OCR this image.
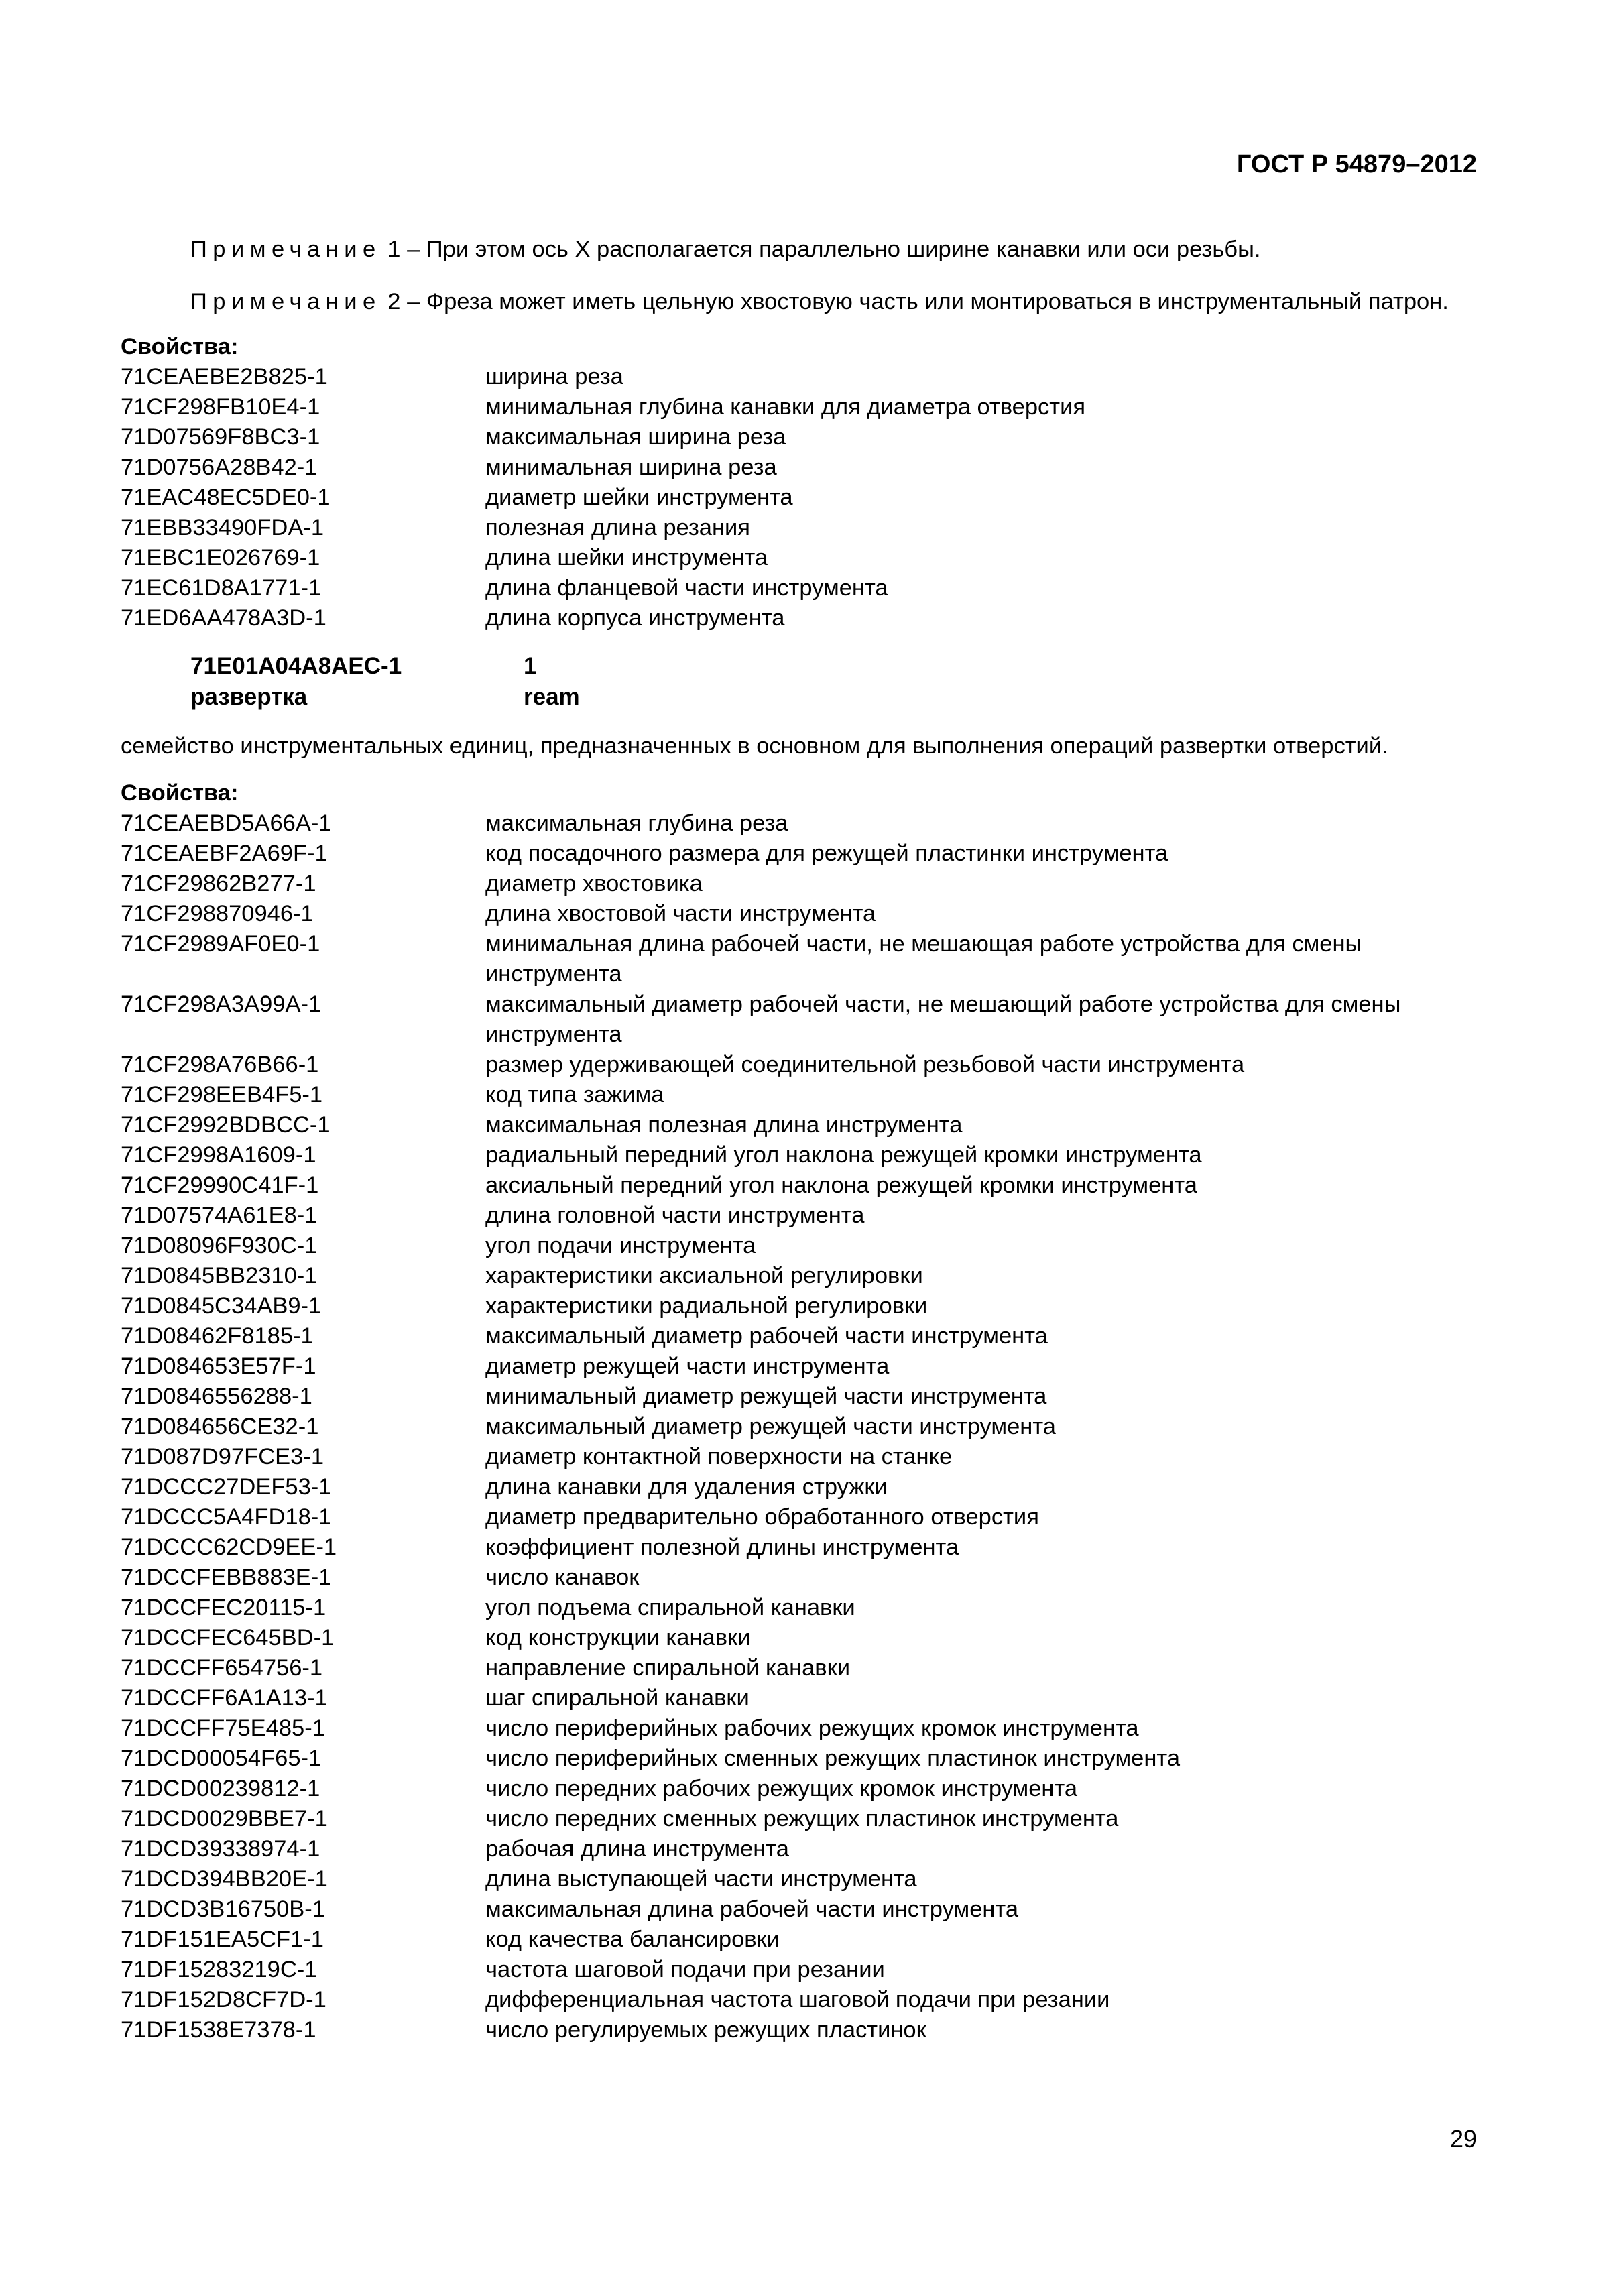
ГОСТ Р 54879–2012

Примечание 1 – При этом ось X располагается параллельно ширине канавки или оси резьбы.

Примечание 2 – Фреза может иметь цельную хвостовую часть или монтироваться в инструментальный патрон.

Свойства:
71CEAEBE2B825-1	ширина реза
71CF298FB10E4-1	минимальная глубина канавки для диаметра отверстия
71D07569F8BC3-1	максимальная ширина реза
71D0756A28B42-1	минимальная ширина реза
71EAC48EC5DE0-1	диаметр шейки инструмента
71EBB33490FDA-1	полезная длина резания
71EBC1E026769-1	длина шейки инструмента
71EC61D8A1771-1	длина фланцевой части инструмента
71ED6AA478A3D-1	длина корпуса инструмента
71E01A04A8AEC-1	1
развертка	ream

семейство инструментальных единиц, предназначенных в основном для выполнения операций развертки отверстий.

Свойства:
71CEAEBD5A66A-1	максимальная глубина реза
71CEAEBF2A69F-1	код посадочного размера для режущей пластинки инструмента
71CF29862B277-1	диаметр хвостовика
71CF298870946-1	длина хвостовой части инструмента
71CF2989AF0E0-1	минимальная длина рабочей части, не мешающая работе устройства для смены инструмента
71CF298A3A99A-1	максимальный диаметр рабочей части, не мешающий работе устройства для смены инструмента
71CF298A76B66-1	размер удерживающей соединительной резьбовой части инструмента
71CF298EEB4F5-1	код типа зажима
71CF2992BDBCC-1	максимальная полезная длина инструмента
71CF2998A1609-1	радиальный передний угол наклона режущей кромки инструмента
71CF29990C41F-1	аксиальный передний угол наклона режущей кромки инструмента
71D07574A61E8-1	длина головной части инструмента
71D08096F930C-1	угол подачи инструмента
71D0845BB2310-1	характеристики аксиальной регулировки
71D0845C34AB9-1	характеристики радиальной регулировки
71D08462F8185-1	максимальный диаметр рабочей части инструмента
71D084653E57F-1	диаметр режущей части инструмента
71D0846556288-1	минимальный диаметр режущей части инструмента
71D084656CE32-1	максимальный диаметр режущей части инструмента
71D087D97FCE3-1	диаметр контактной поверхности на станке
71DCCC27DEF53-1	длина канавки для удаления стружки
71DCCC5A4FD18-1	диаметр предварительно обработанного отверстия
71DCCC62CD9EE-1	коэффициент полезной длины инструмента
71DCCFEBB883E-1	число канавок
71DCCFEC20115-1	угол подъема спиральной канавки
71DCCFEC645BD-1	код конструкции канавки
71DCCFF654756-1	направление спиральной канавки
71DCCFF6A1A13-1	шаг спиральной канавки
71DCCFF75E485-1	число периферийных рабочих режущих кромок инструмента
71DCD00054F65-1	число периферийных сменных режущих пластинок инструмента
71DCD00239812-1	число передних рабочих режущих кромок инструмента
71DCD0029BBE7-1	число передних сменных режущих пластинок инструмента
71DCD39338974-1	рабочая длина инструмента
71DCD394BB20E-1	длина выступающей части инструмента
71DCD3B16750B-1	максимальная длина рабочей части инструмента
71DF151EA5CF1-1	код качества балансировки
71DF15283219C-1	частота шаговой подачи при резании
71DF152D8CF7D-1	дифференциальная частота шаговой подачи при резании
71DF1538E7378-1	число регулируемых режущих пластинок
29
